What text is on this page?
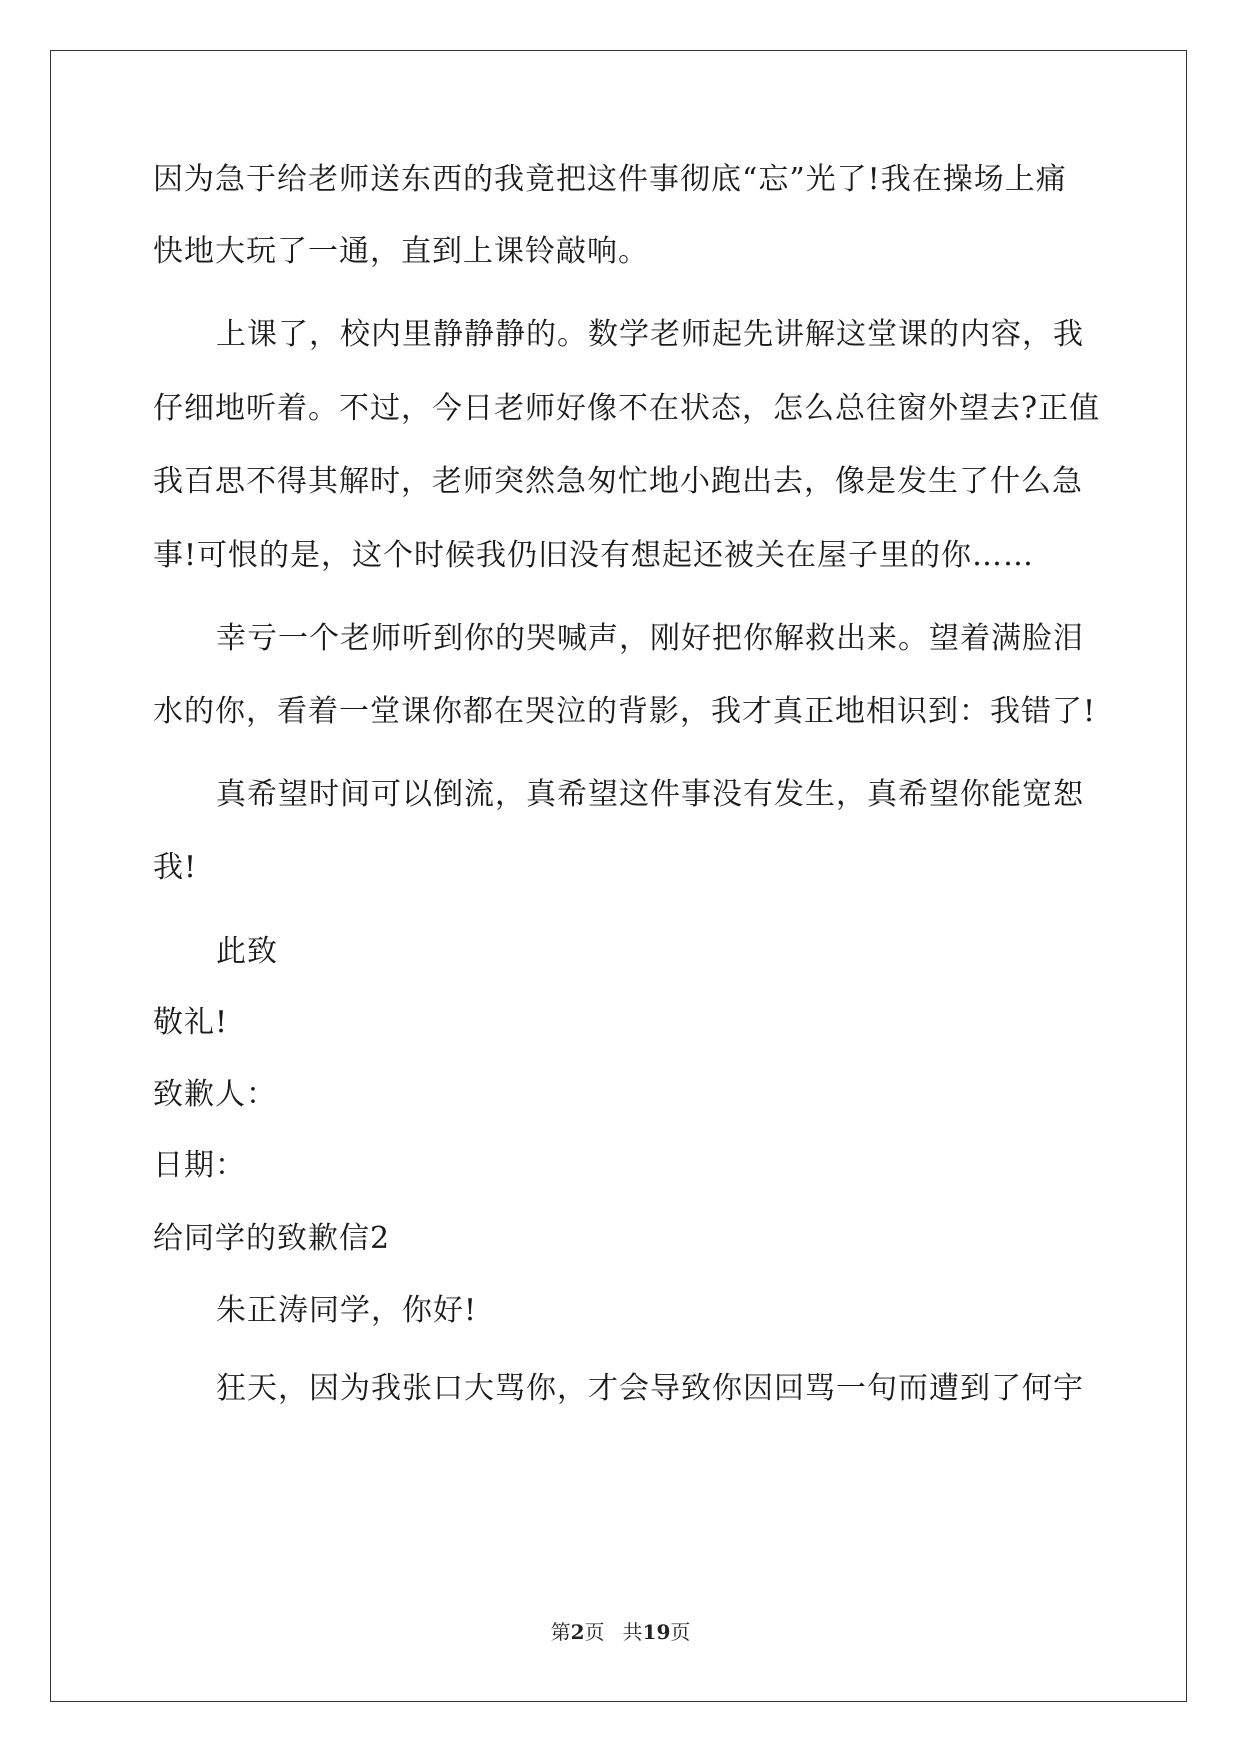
因为急于给老师送东西的我竟把这件事彻底“忘”光了!我在操场上痛
快地大玩了一通，直到上课铃敲响。
上课了，校内里静静静的。数学老师起先讲解这堂课的内容，我
仔细地听着。不过，今日老师好像不在状态，怎么总往窗外望去?正值
我百思不得其解时，老师突然急匆忙地小跑出去，像是发生了什么急
事!可恨的是，这个时候我仍旧没有想起还被关在屋子里的你……
幸亏一个老师听到你的哭喊声，刚好把你解救出来。望着满脸泪
水的你，看着一堂课你都在哭泣的背影，我才真正地相识到：我错了!
真希望时间可以倒流，真希望这件事没有发生，真希望你能宽恕
我!
此致
敬礼!
致歉人：
日期：
给同学的致歉信2
朱正涛同学，你好!
狂天，因为我张口大骂你，才会导致你因回骂一句而遭到了何宇
第2页 共19页
